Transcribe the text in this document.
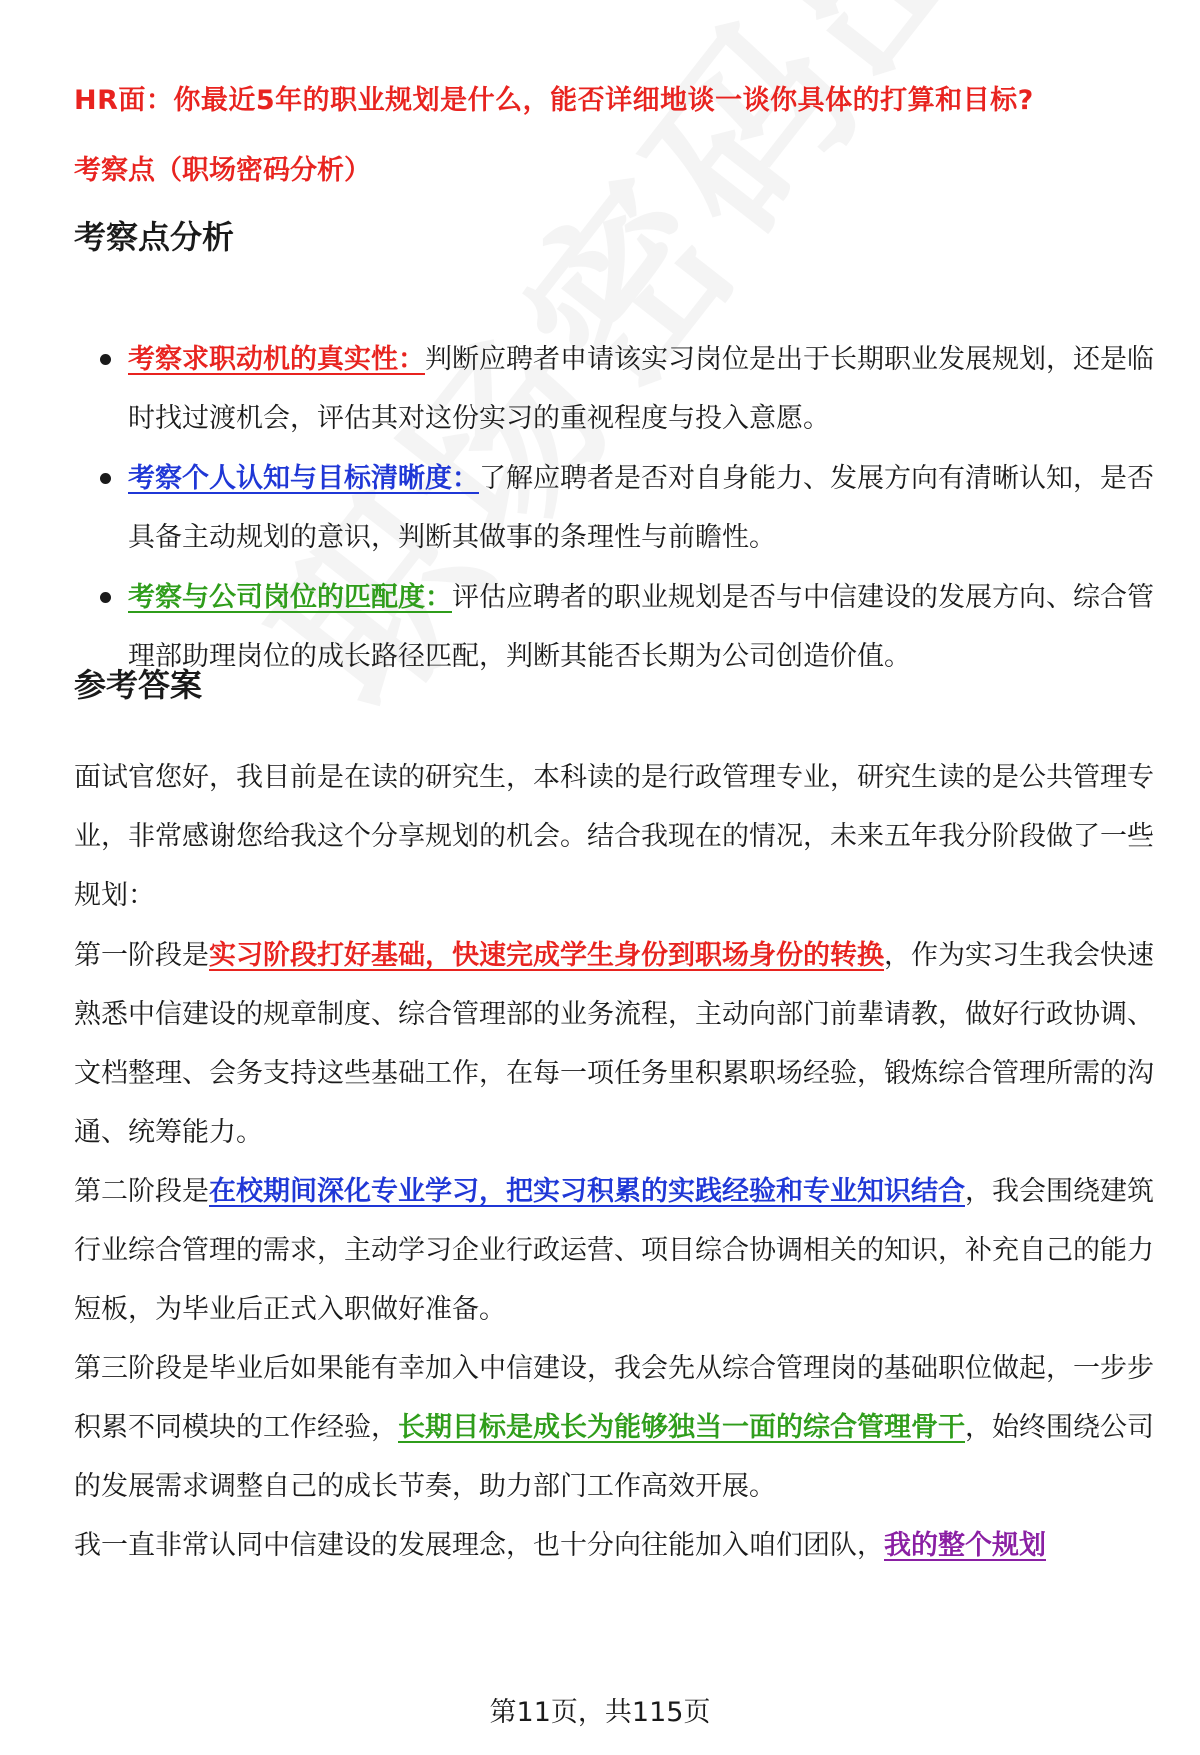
HR面：你最近5年的职业规划是什么，能否详细地谈一谈你具体的打算和目标?
考察点（职场密码分析）
考察点分析
考察求职动机的真实性：判断应聘者申请该实习岗位是出于长期职业发展规划，还是临时找过渡机会，评估其对这份实习的重视程度与投入意愿。
考察个人认知与目标清晰度：了解应聘者是否对自身能力、发展方向有清晰认知，是否具备主动规划的意识，判断其做事的条理性与前瞻性。
考察与公司岗位的匹配度：评估应聘者的职业规划是否与中信建设的发展方向、综合管理部助理岗位的成长路径匹配，判断其能否长期为公司创造价值。
参考答案

面试官您好，我目前是在读的研究生，本科读的是行政管理专业，研究生读的是公共管理专业，非常感谢您给我这个分享规划的机会。结合我现在的情况，未来五年我分阶段做了一些规划：

第一阶段是实习阶段打好基础，快速完成学生身份到职场身份的转换，作为实习生我会快速熟悉中信建设的规章制度、综合管理部的业务流程，主动向部门前辈请教，做好行政协调、文档整理、会务支持这些基础工作，在每一项任务里积累职场经验，锻炼综合管理所需的沟通、统筹能力。

第二阶段是在校期间深化专业学习，把实习积累的实践经验和专业知识结合，我会围绕建筑行业综合管理的需求，主动学习企业行政运营、项目综合协调相关的知识，补充自己的能力短板，为毕业后正式入职做好准备。

第三阶段是毕业后如果能有幸加入中信建设，我会先从综合管理岗的基础职位做起，一步步积累不同模块的工作经验，长期目标是成长为能够独当一面的综合管理骨干，始终围绕公司的发展需求调整自己的成长节奏，助力部门工作高效开展。

我一直非常认同中信建设的发展理念，也十分向往能加入咱们团队，我的整个规划

第11页，共115页
